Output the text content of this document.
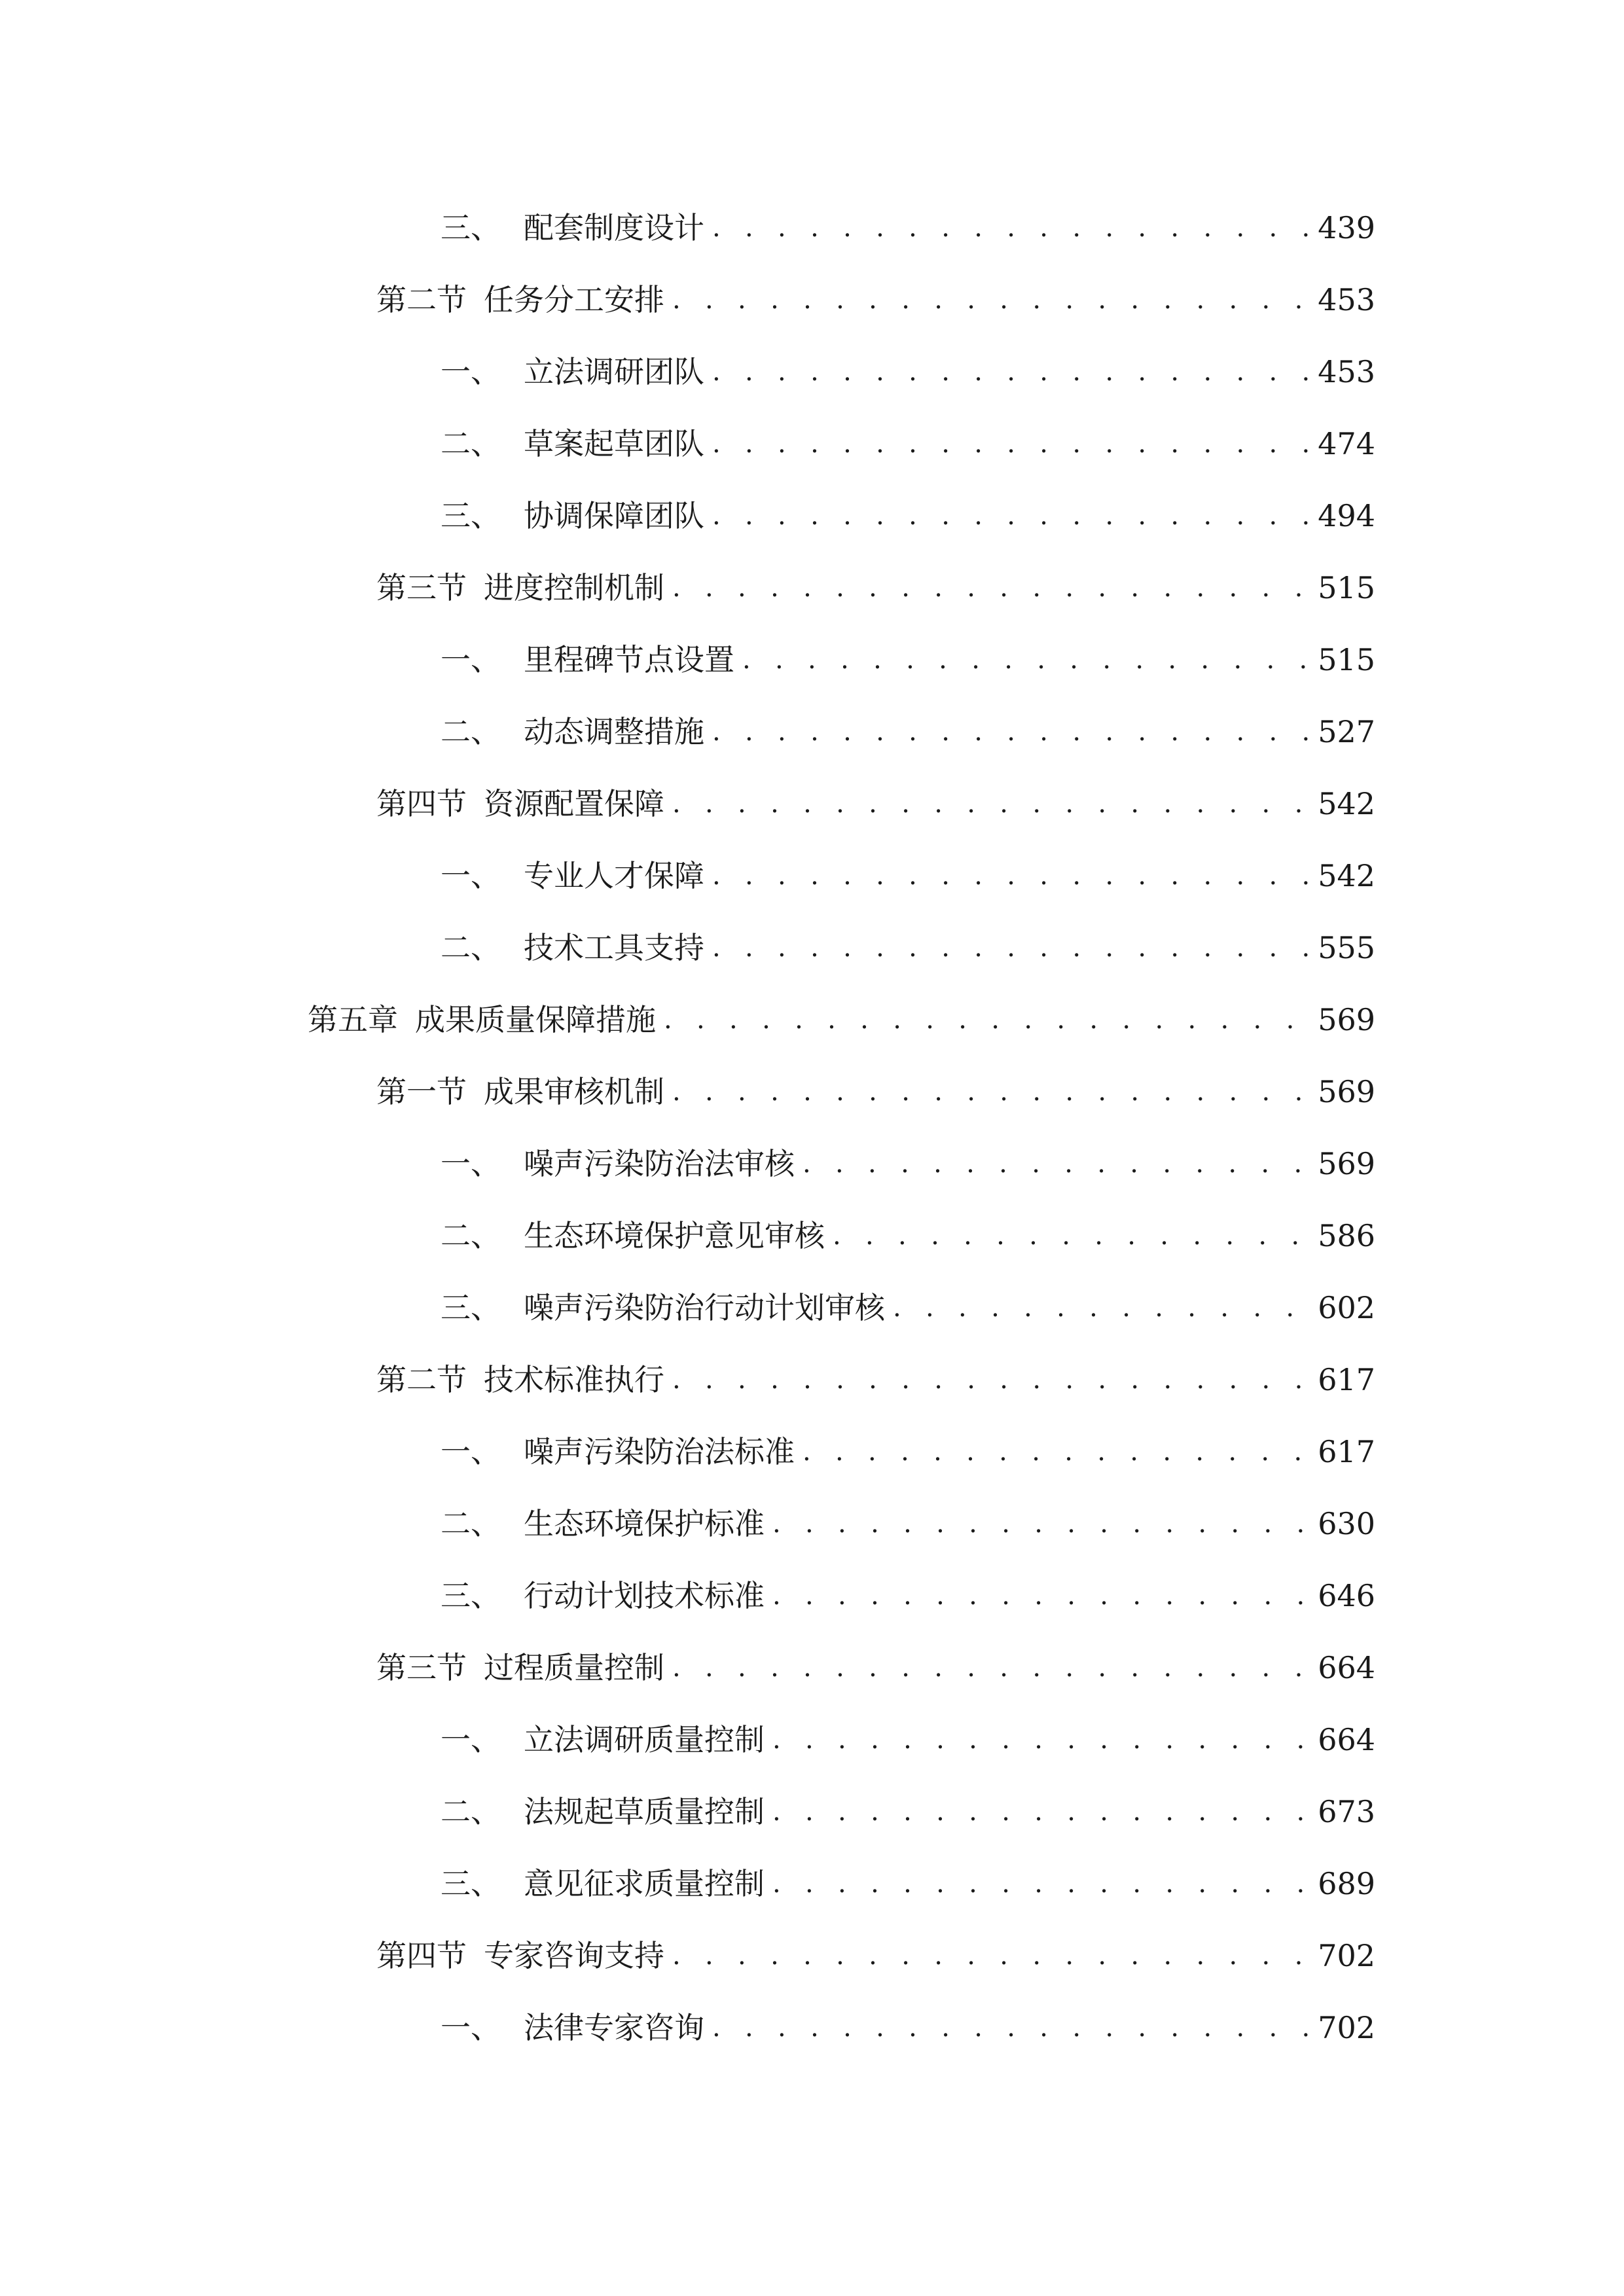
三、 配套制度设计 . . .	439
第二节 任务分工安排 . . .	453
一、 立法调研团队 . . .	453
二、 草案起草团队 . . .	474
三、 协调保障团队 . . .	494
第三节 进度控制机制 . . .	515
一、 里程碑节点设置 . . .	515
二、 动态调整措施 . . .	527
第四节 资源配置保障 . . .	542
一、 专业人才保障 . . .	542
二、 技术工具支持 . . .	555
第五章 成果质量保障措施 . . .	569
第一节 成果审核机制 . . .	569
一、 噪声污染防治法审核 . . .	569
二、 生态环境保护意见审核 . . .	586
三、 噪声污染防治行动计划审核 . . .	602
第二节 技术标准执行 . . .	617
一、 噪声污染防治法标准 . . .	617
二、 生态环境保护标准 . . .	630
三、 行动计划技术标准 . . .	646
第三节 过程质量控制 . . .	664
一、 立法调研质量控制 . . .	664
二、 法规起草质量控制 . . .	673
三、 意见征求质量控制 . . .	689
第四节 专家咨询支持 . . .	702
一、 法律专家咨询 . . .	702
